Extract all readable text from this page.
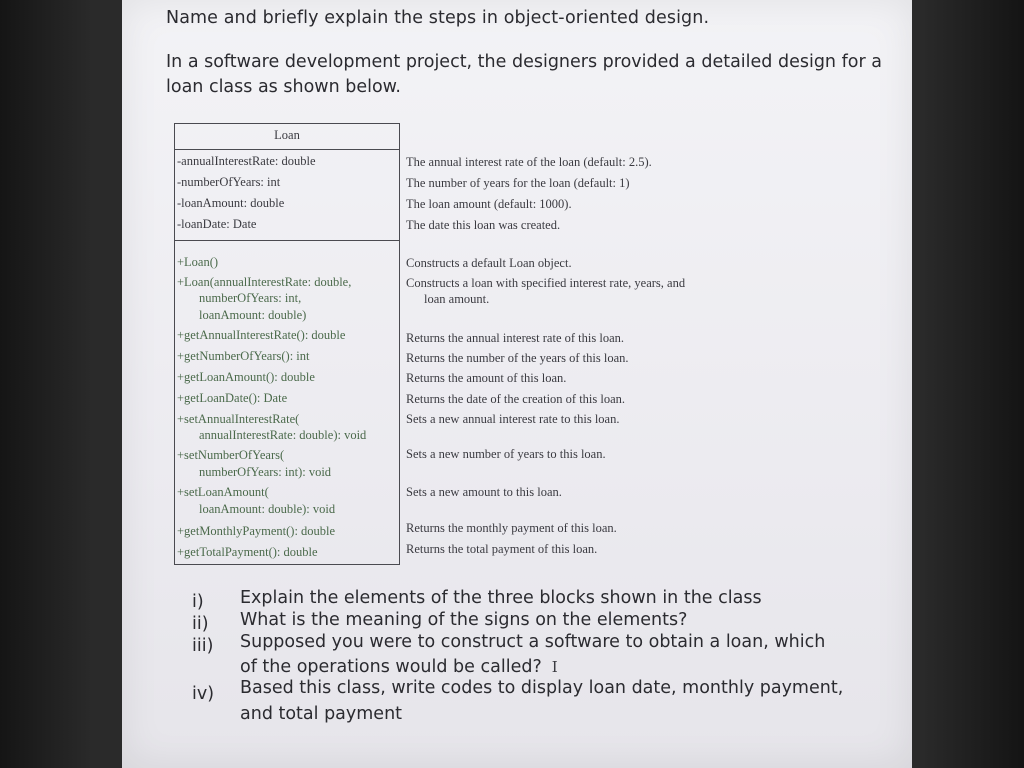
Name and briefly explain the steps in object-oriented design.

In a software development project, the designers provided a detailed design for a loan class as shown below.

Loan
-annualInterestRate: double
-numberOfYears: int
-loanAmount: double
-loanDate: Date
+Loan()
+Loan(annualInterestRate: double,
numberOfYears: int,
loanAmount: double)
+getAnnualInterestRate(): double
+getNumberOfYears(): int
+getLoanAmount(): double
+getLoanDate(): Date
+setAnnualInterestRate(
annualInterestRate: double): void
+setNumberOfYears(
numberOfYears: int): void
+setLoanAmount(
loanAmount: double): void
+getMonthlyPayment(): double
+getTotalPayment(): double
The annual interest rate of the loan (default: 2.5).
The number of years for the loan (default: 1)
The loan amount (default: 1000).
The date this loan was created.
Constructs a default Loan object.
Constructs a loan with specified interest rate, years, and
loan amount.
Returns the annual interest rate of this loan.
Returns the number of the years of this loan.
Returns the amount of this loan.
Returns the date of the creation of this loan.
Sets a new annual interest rate to this loan.
Sets a new number of years to this loan.
Sets a new amount to this loan.
Returns the monthly payment of this loan.
Returns the total payment of this loan.
i) Explain the elements of the three blocks shown in the class
ii) What is the meaning of the signs on the elements?
iii) Supposed you were to construct a software to obtain a loan, which
of the operations would be called? I
iv) Based this class, write codes to display loan date, monthly payment,
and total payment
